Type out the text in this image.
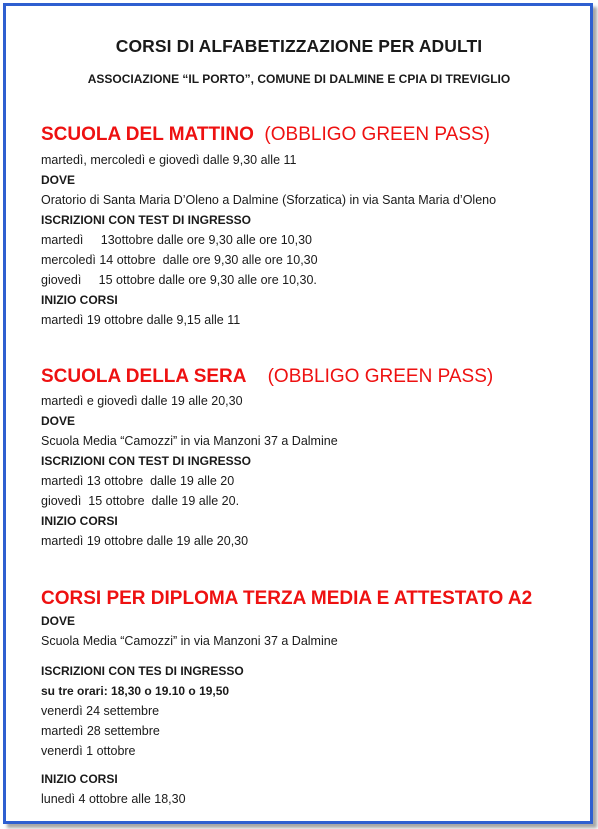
CORSI DI ALFABETIZZAZIONE PER ADULTI
ASSOCIAZIONE “IL PORTO”, COMUNE DI DALMINE E CPIA DI TREVIGLIO
SCUOLA DEL MATTINO (OBBLIGO GREEN PASS)
martedì, mercoledì e giovedì dalle 9,30 alle 11
DOVE
Oratorio di Santa Maria D’Oleno a Dalmine (Sforzatica) in via Santa Maria d’Oleno
ISCRIZIONI CON TEST DI INGRESSO
martedì     13ottobre dalle ore 9,30 alle ore 10,30
mercoledì 14 ottobre  dalle ore 9,30 alle ore 10,30
giovedì     15 ottobre dalle ore 9,30 alle ore 10,30.
INIZIO CORSI
martedì 19 ottobre dalle 9,15 alle 11
SCUOLA DELLA SERA (OBBLIGO GREEN PASS)
martedì e giovedì dalle 19 alle 20,30
DOVE
Scuola Media “Camozzi” in via Manzoni 37 a Dalmine
ISCRIZIONI CON TEST DI INGRESSO
martedì 13 ottobre  dalle 19 alle 20
giovedì  15 ottobre  dalle 19 alle 20.
INIZIO CORSI
martedì 19 ottobre dalle 19 alle 20,30
CORSI PER DIPLOMA TERZA MEDIA E ATTESTATO A2
DOVE
Scuola Media “Camozzi” in via Manzoni 37 a Dalmine
ISCRIZIONI CON TES DI INGRESSO
su tre orari: 18,30 o 19.10 o 19,50
venerdì 24 settembre
martedì 28 settembre
venerdì 1 ottobre
INIZIO CORSI
lunedì 4 ottobre alle 18,30
